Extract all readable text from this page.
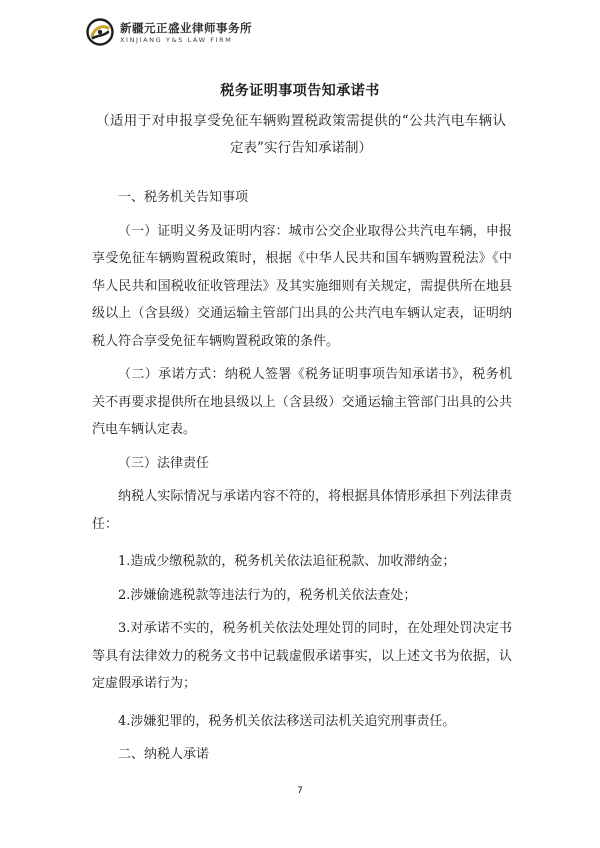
新疆元正盛业律师事务所
XINJIANG Y&S LAW FIRM
税务证明事项告知承诺书
（适用于对申报享受免征车辆购置税政策需提供的“公共汽电车辆认定表”实行告知承诺制）

一、税务机关告知事项

（一）证明义务及证明内容：城市公交企业取得公共汽电车辆，申报享受免征车辆购置税政策时，根据《中华人民共和国车辆购置税法》《中华人民共和国税收征收管理法》及其实施细则有关规定，需提供所在地县级以上（含县级）交通运输主管部门出具的公共汽电车辆认定表，证明纳税人符合享受免征车辆购置税政策的条件。

（二）承诺方式：纳税人签署《税务证明事项告知承诺书》，税务机关不再要求提供所在地县级以上（含县级）交通运输主管部门出具的公共汽电车辆认定表。

（三）法律责任

纳税人实际情况与承诺内容不符的，将根据具体情形承担下列法律责任：

1.造成少缴税款的，税务机关依法追征税款、加收滞纳金；

2.涉嫌偷逃税款等违法行为的，税务机关依法查处；

3.对承诺不实的，税务机关依法处理处罚的同时，在处理处罚决定书等具有法律效力的税务文书中记载虚假承诺事实，以上述文书为依据，认定虚假承诺行为；

4.涉嫌犯罪的，税务机关依法移送司法机关追究刑事责任。

二、纳税人承诺

7
